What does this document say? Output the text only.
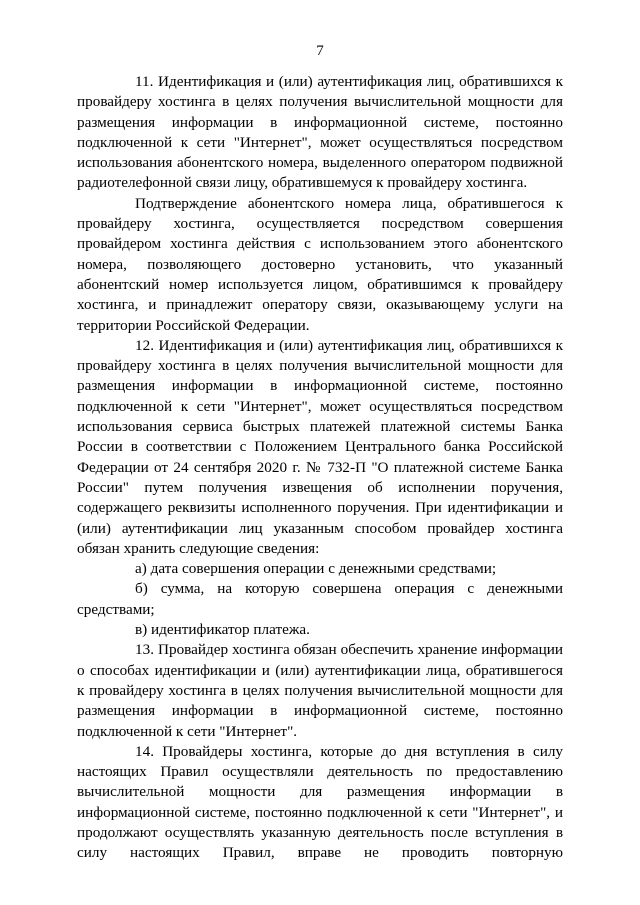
7

11. Идентификация и (или) аутентификация лиц, обратившихся к провайдеру хостинга в целях получения вычислительной мощности для размещения информации в информационной системе, постоянно подключенной к сети "Интернет", может осуществляться посредством использования абонентского номера, выделенного оператором подвижной радиотелефонной связи лицу, обратившемуся к провайдеру хостинга.

Подтверждение абонентского номера лица, обратившегося к провайдеру хостинга, осуществляется посредством совершения провайдером хостинга действия с использованием этого абонентского номера, позволяющего достоверно установить, что указанный абонентский номер используется лицом, обратившимся к провайдеру хостинга, и принадлежит оператору связи, оказывающему услуги на территории Российской Федерации.

12. Идентификация и (или) аутентификация лиц, обратившихся к провайдеру хостинга в целях получения вычислительной мощности для размещения информации в информационной системе, постоянно подключенной к сети "Интернет", может осуществляться посредством использования сервиса быстрых платежей платежной системы Банка России в соответствии с Положением Центрального банка Российской Федерации от 24 сентября 2020 г. № 732-П "О платежной системе Банка России" путем получения извещения об исполнении поручения, содержащего реквизиты исполненного поручения. При идентификации и (или) аутентификации лиц указанным способом провайдер хостинга обязан хранить следующие сведения:

а) дата совершения операции с денежными средствами;

б) сумма, на которую совершена операция с денежными средствами;

в) идентификатор платежа.

13. Провайдер хостинга обязан обеспечить хранение информации о способах идентификации и (или) аутентификации лица, обратившегося к провайдеру хостинга в целях получения вычислительной мощности для размещения информации в информационной системе, постоянно подключенной к сети "Интернет".

14. Провайдеры хостинга, которые до дня вступления в силу настоящих Правил осуществляли деятельность по предоставлению вычислительной мощности для размещения информации в информационной системе, постоянно подключенной к сети "Интернет", и продолжают осуществлять указанную деятельность после вступления в силу настоящих Правил, вправе не проводить повторную
